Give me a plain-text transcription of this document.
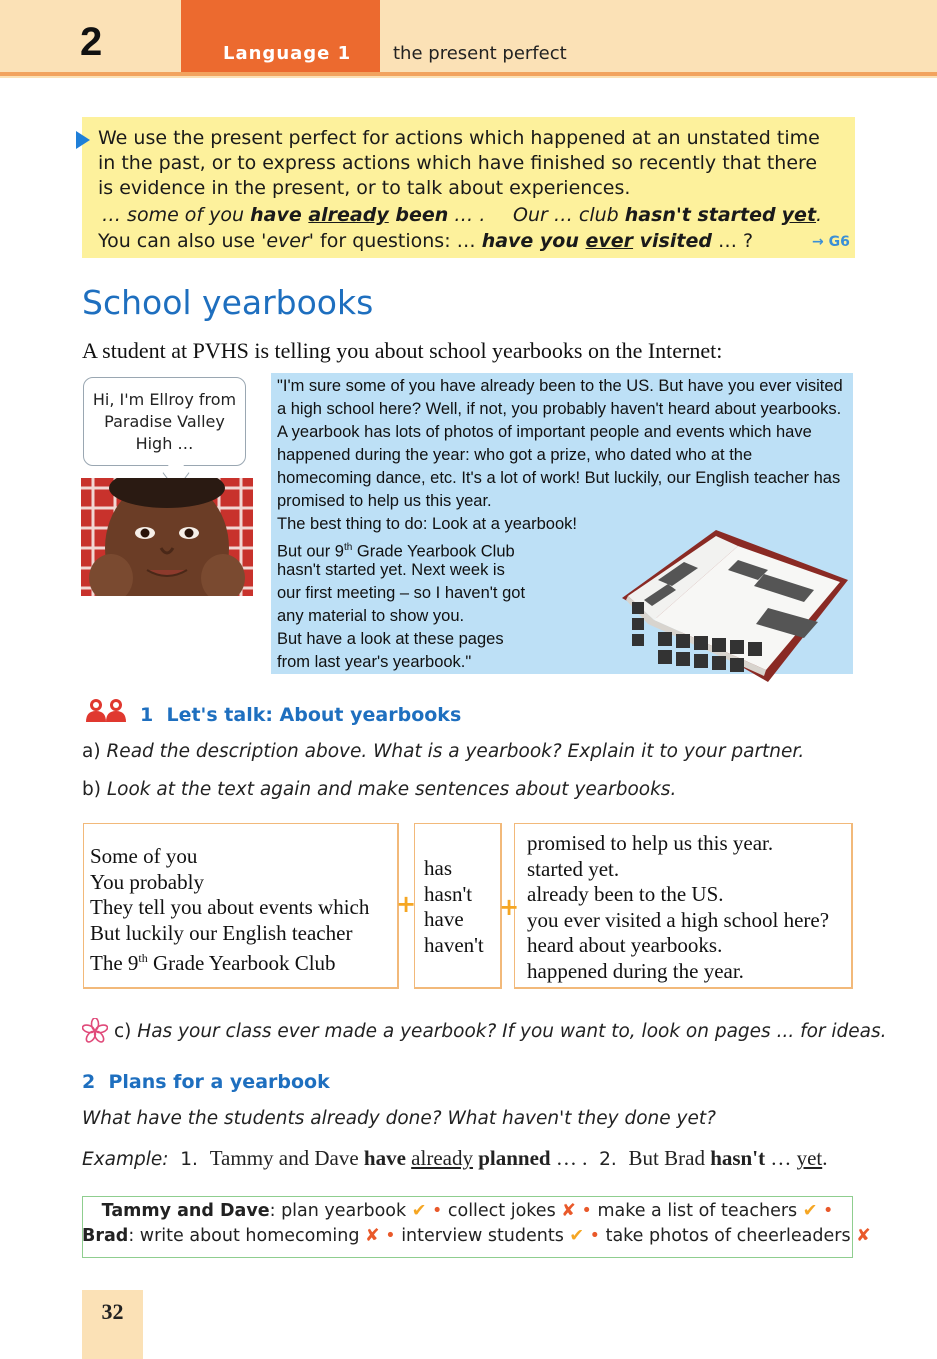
2	Language 1 the present perfect
We use the present perfect for actions which happened at an unstated time in the past, or to express actions which have finished so recently that there is evidence in the present, or to talk about experiences.
… some of you have already been … . Our … club hasn't started yet.
You can also use 'ever' for questions: … have you ever visited … ?	→ G6
School yearbooks
A student at PVHS is telling you about school yearbooks on the Internet:
Hi, I'm Ellroy from Paradise Valley High …
"I'm sure some of you have already been to the US. But have you ever visited a high school here? Well, if not, you probably haven't heard about yearbooks. A yearbook has lots of photos of important people and events which have happened during the year: who got a prize, who dated who at the homecoming dance, etc. It's a lot of work! But luckily, our English teacher has promised to help us this year.
The best thing to do: Look at a yearbook!
But our 9th Grade Yearbook Club
hasn't started yet. Next week is
our first meeting – so I haven't got
any material to show you.
But have a look at these pages
from last year's yearbook."
1 Let's talk: About yearbooks
a) Read the description above. What is a yearbook? Explain it to your partner.
b) Look at the text again and make sentences about yearbooks.
Some of you
You probably
They tell you about events which
But luckily our English teacher
The 9th Grade Yearbook Club
+
has
hasn't
have
haven't
+
promised to help us this year.
started yet.
already been to the US.
you ever visited a high school here?
heard about yearbooks.
happened during the year.
c) Has your class ever made a yearbook? If you want to, look on pages ... for ideas.
2 Plans for a yearbook
What have the students already done? What haven't they done yet?
Example: 1. Tammy and Dave have already planned … . 2. But Brad hasn't … yet.
Tammy and Dave: plan yearbook ✔ • collect jokes ✘ • make a list of teachers ✔ •
Brad: write about homecoming ✘ • interview students ✔ • take photos of cheerleaders ✘
32
